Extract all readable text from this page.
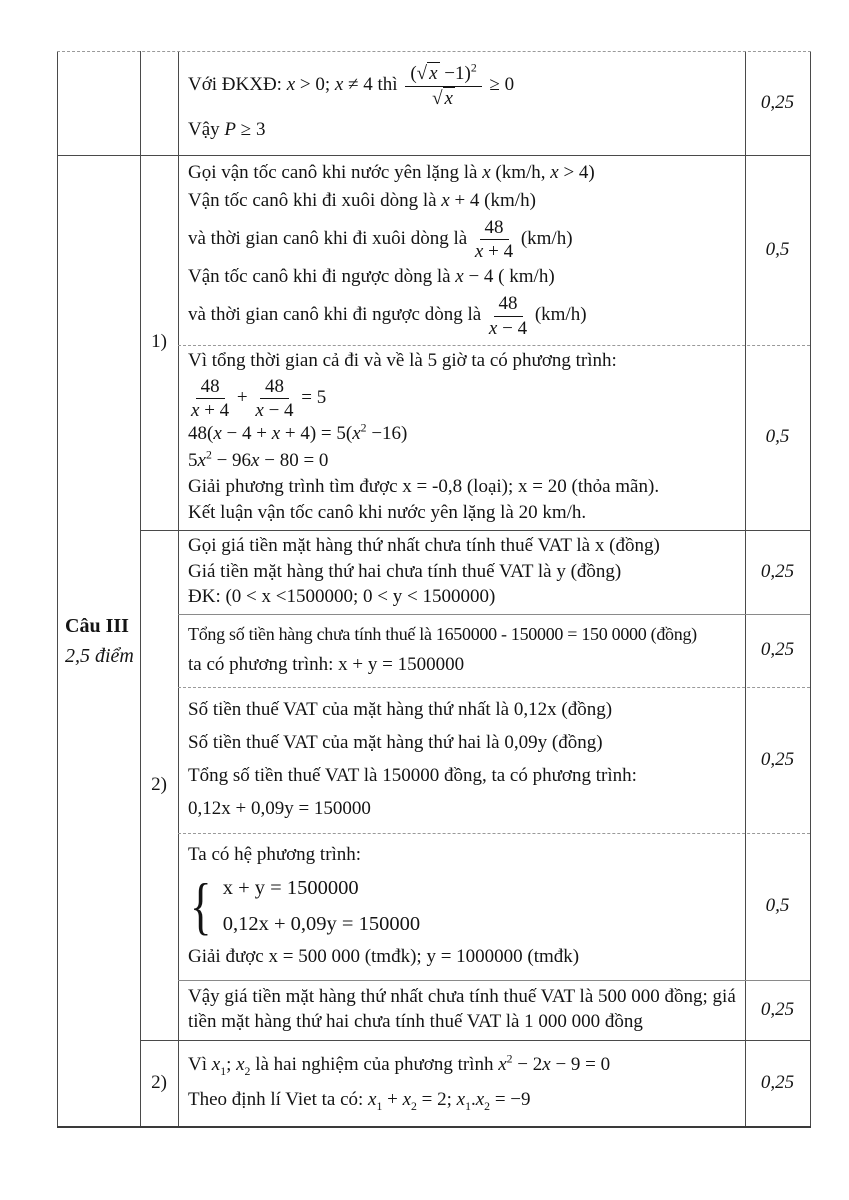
Câu III
2,5 điểm
1)
2)
2)
Với ĐKXĐ: x > 0; x ≠ 4 thì $\frac{(√ x -1)^2}{√ x} \ge 0$
Vậy P ≥ 3
Gọi vận tốc canô khi nước yên lặng là x (km/h, x > 4)
Vận tốc canô khi đi xuôi dòng là x + 4 (km/h)
và thời gian canô khi đi xuôi dòng là $\frac{48}{x + 4} (km/h)$
Vận tốc canô khi đi ngược dòng là x − 4 ( km/h)
và thời gian canô khi đi ngược dòng là $\frac{48}{x - 4} (km/h)$
Vì tổng thời gian cả đi và về là 5 giờ ta có phương trình:
$\frac{48}{x + 4} + \frac{48}{x - 4} = 5$
$48(x - 4 + x + 4) = 5(x^2 -16)$
$5x^2 - 96x - 80 = 0$
Giải phương trình tìm được x = -0,8 (loại); x = 20 (thỏa mãn).
Kết luận vận tốc canô khi nước yên lặng là 20 km/h.
Gọi giá tiền mặt hàng thứ nhất chưa tính thuế VAT là x (đồng)
Giá tiền mặt hàng thứ hai chưa tính thuế VAT là y (đồng)
ĐK: (0 < x <1500000; 0 < y < 1500000)
Tổng số tiền hàng chưa tính thuế là 1650000 - 150000 = 150 0000 (đồng)
ta có phương trình: x + y = 1500000
Số tiền thuế VAT của mặt hàng thứ nhất là 0,12x (đồng)
Số tiền thuế VAT của mặt hàng thứ hai là 0,09y (đồng)
Tổng số tiền thuế VAT là 150000 đồng, ta có phương trình:
0,12x + 0,09y = 150000
Ta có hệ phương trình:
{ x + y = 1500000
0,12x + 0,09y = 150000
Giải được x = 500 000 (tmđk); y = 1000000 (tmđk)
Vậy giá tiền mặt hàng thứ nhất chưa tính thuế VAT là 500 000 đồng; giá tiền mặt hàng thứ hai chưa tính thuế VAT là 1 000 000 đồng
Vì $x_1$; $x_2$ là hai nghiệm của phương trình $x^2 - 2x - 9 = 0$
Theo định lí Viet ta có: $x_1 + x_2 = 2$; $x_1.x_2 = -9$
0,25
0,5
0,5
0,25
0,25
0,25
0,5
0,25
0,25
